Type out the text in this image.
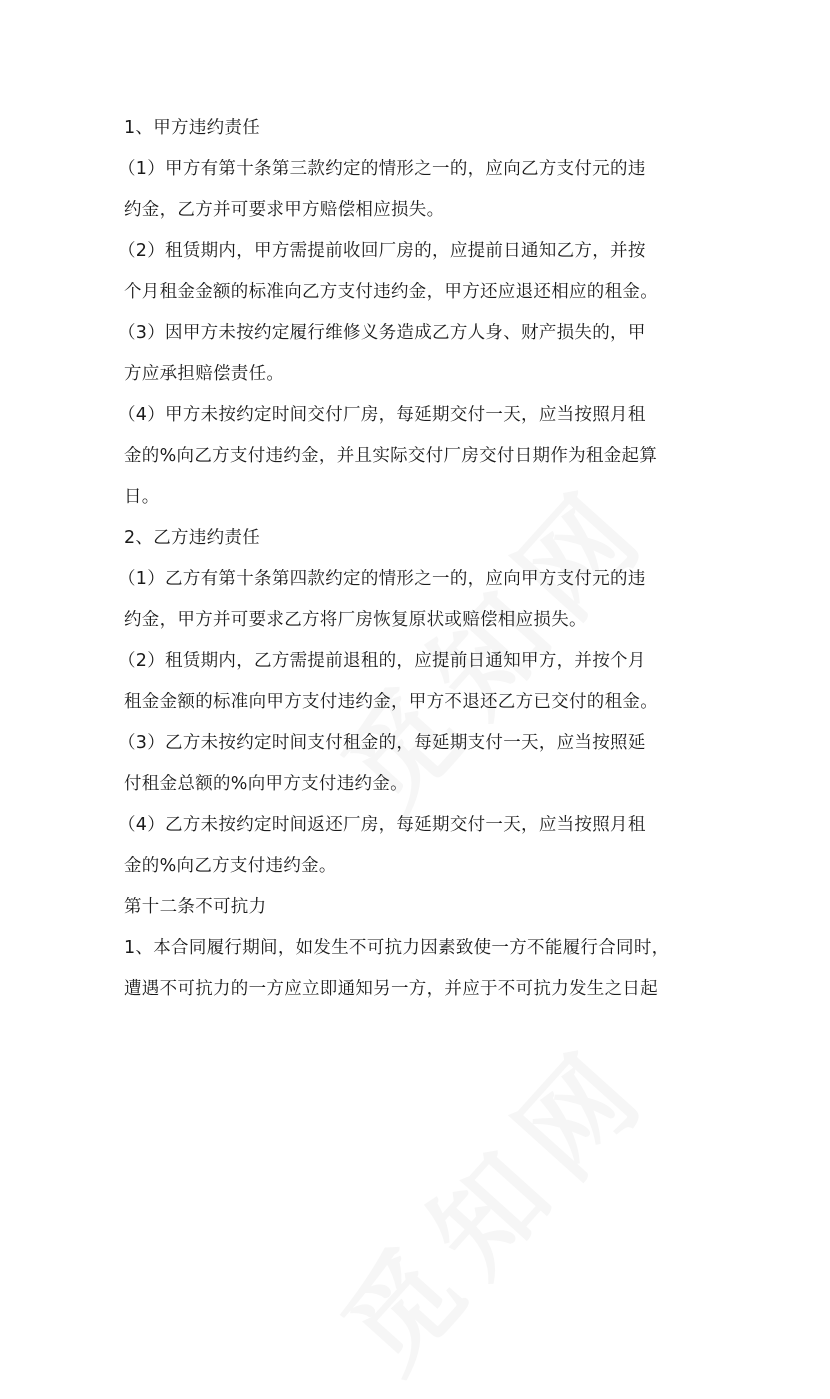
1、甲方违约责任
（1）甲方有第十条第三款约定的情形之一的，应向乙方支付元的违
约金，乙方并可要求甲方赔偿相应损失。
（2）租赁期内，甲方需提前收回厂房的，应提前日通知乙方，并按
个月租金金额的标准向乙方支付违约金，甲方还应退还相应的租金。
（3）因甲方未按约定履行维修义务造成乙方人身、财产损失的，甲
方应承担赔偿责任。
（4）甲方未按约定时间交付厂房，每延期交付一天，应当按照月租
金的%向乙方支付违约金，并且实际交付厂房交付日期作为租金起算
日。
2、乙方违约责任
（1）乙方有第十条第四款约定的情形之一的，应向甲方支付元的违
约金，甲方并可要求乙方将厂房恢复原状或赔偿相应损失。
（2）租赁期内，乙方需提前退租的，应提前日通知甲方，并按个月
租金金额的标准向甲方支付违约金，甲方不退还乙方已交付的租金。
（3）乙方未按约定时间支付租金的，每延期支付一天，应当按照延
付租金总额的%向甲方支付违约金。
（4）乙方未按约定时间返还厂房，每延期交付一天，应当按照月租
金的%向乙方支付违约金。
第十二条不可抗力
1、本合同履行期间，如发生不可抗力因素致使一方不能履行合同时，
遭遇不可抗力的一方应立即通知另一方，并应于不可抗力发生之日起
